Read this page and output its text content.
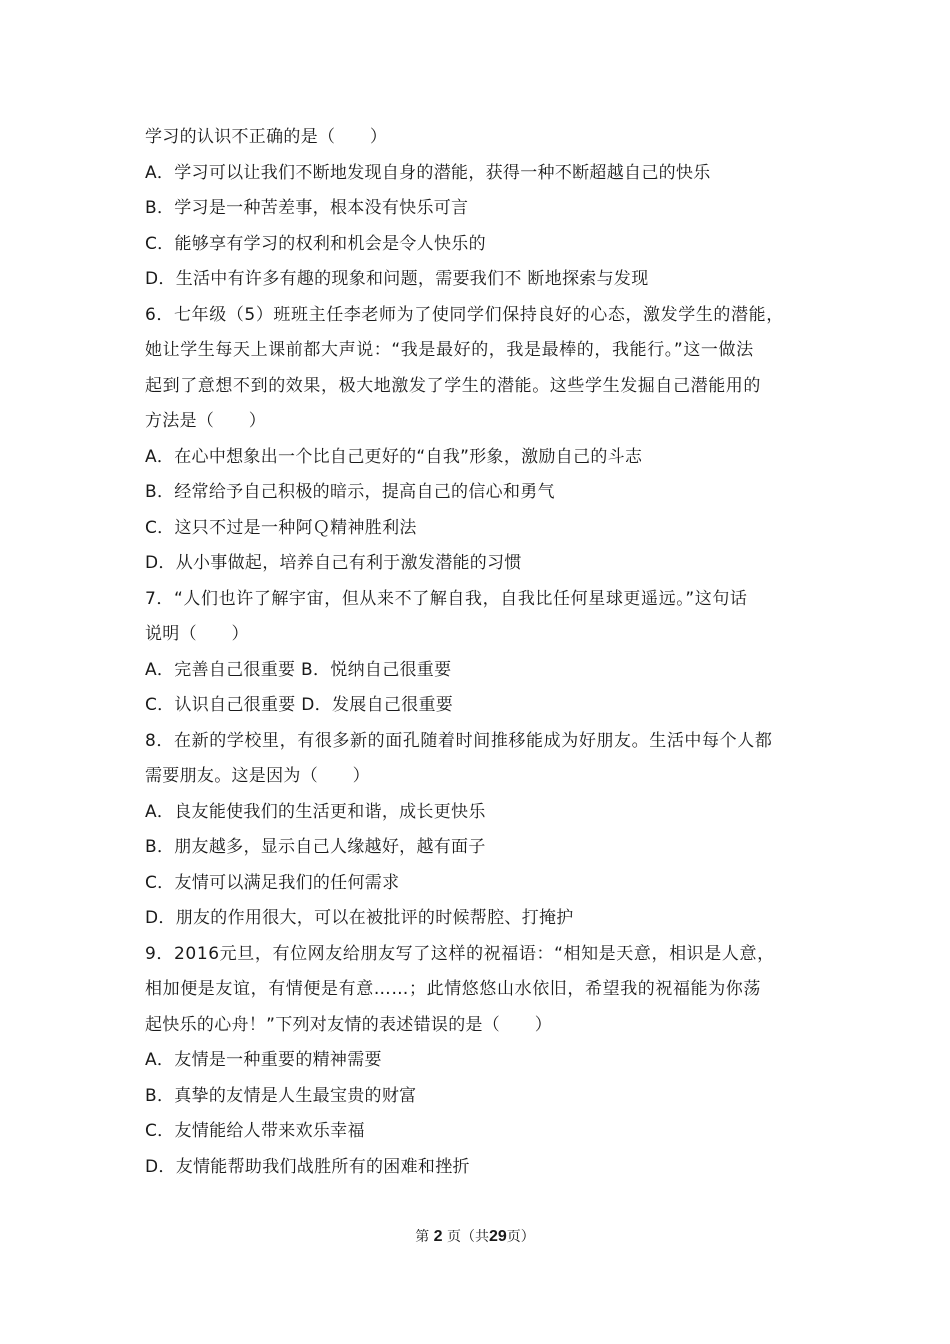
学习的认识不正确的是（　　）
A．学习可以让我们不断地发现自身的潜能，获得一种不断超越自己的快乐
B．学习是一种苦差事，根本没有快乐可言
C．能够享有学习的权利和机会是令人快乐的
D．生活中有许多有趣的现象和问题，需要我们不 断地探索与发现
6．七年级（5）班班主任李老师为了使同学们保持良好的心态，激发学生的潜能，
她让学生每天上课前都大声说：“我是最好的，我是最棒的，我能行。”这一做法
起到了意想不到的效果，极大地激发了学生的潜能。这些学生发掘自己潜能用的
方法是（　　）
A．在心中想象出一个比自己更好的“自我”形象，激励自己的斗志
B．经常给予自己积极的暗示，提高自己的信心和勇气
C．这只不过是一种阿Ｑ精神胜利法
D．从小事做起，培养自己有利于激发潜能的习惯
7．“人们也许了解宇宙，但从来不了解自我，自我比任何星球更遥远。”这句话
说明（　　）
A．完善自己很重要 B．悦纳自己很重要
C．认识自己很重要 D．发展自己很重要
8．在新的学校里，有很多新的面孔随着时间推移能成为好朋友。生活中每个人都
需要朋友。这是因为（　　）
A．良友能使我们的生活更和谐，成长更快乐
B．朋友越多，显示自己人缘越好，越有面子
C．友情可以满足我们的任何需求
D．朋友的作用很大，可以在被批评的时候帮腔、打掩护
9．2016元旦，有位网友给朋友写了这样的祝福语：“相知是天意，相识是人意，
相加便是友谊，有情便是有意……；此情悠悠山水依旧，希望我的祝福能为你荡
起快乐的心舟！”下列对友情的表述错误的是（　　）
A．友情是一种重要的精神需要
B．真挚的友情是人生最宝贵的财富
C．友情能给人带来欢乐幸福
D．友情能帮助我们战胜所有的困难和挫折
第 2 页（共29页）
